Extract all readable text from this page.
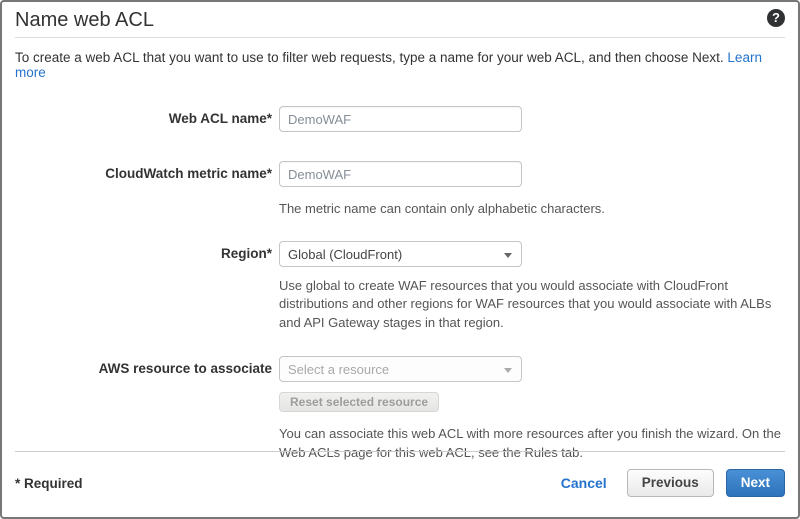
Name web ACL	?
To create a web ACL that you want to use to filter web requests, type a name for your web ACL, and then choose Next. Learn more
Web ACL name*
DemoWAF
CloudWatch metric name*
DemoWAF
The metric name can contain only alphabetic characters.
Region*	Global (CloudFront)
Use global to create WAF resources that you would associate with CloudFront distributions and other regions for WAF resources that you would associate with ALBs and API Gateway stages in that region.
AWS resource to associate	Select a resource
Reset selected resource
You can associate this web ACL with more resources after you finish the wizard. On the Web ACLs page for this web ACL, see the Rules tab.
* Required	Cancel	Previous	Next
